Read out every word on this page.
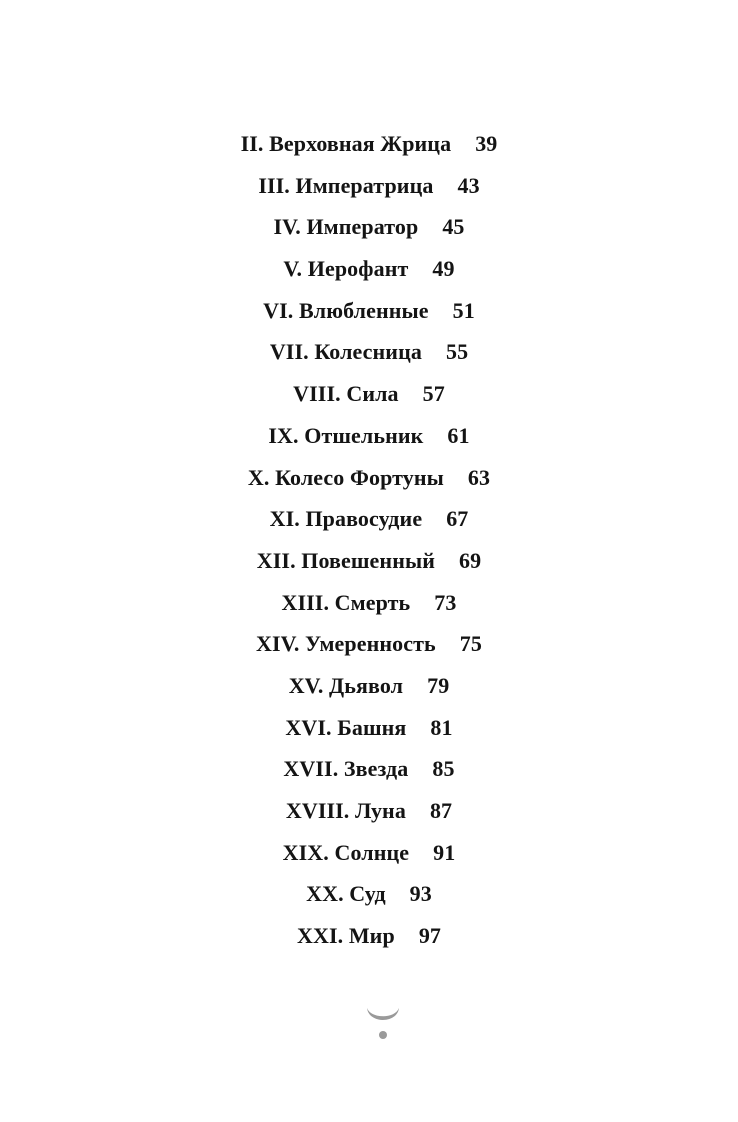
II. Верховная Жрица 39
III. Императрица 43
IV. Император 45
V. Иерофант 49
VI. Влюбленные 51
VII. Колесница 55
VIII. Сила 57
IX. Отшельник 61
X. Колесо Фортуны 63
XI. Правосудие 67
XII. Повешенный 69
XIII. Смерть 73
XIV. Умеренность 75
XV. Дьявол 79
XVI. Башня 81
XVII. Звезда 85
XVIII. Луна 87
XIX. Солнце 91
XX. Суд 93
XXI. Мир 97
